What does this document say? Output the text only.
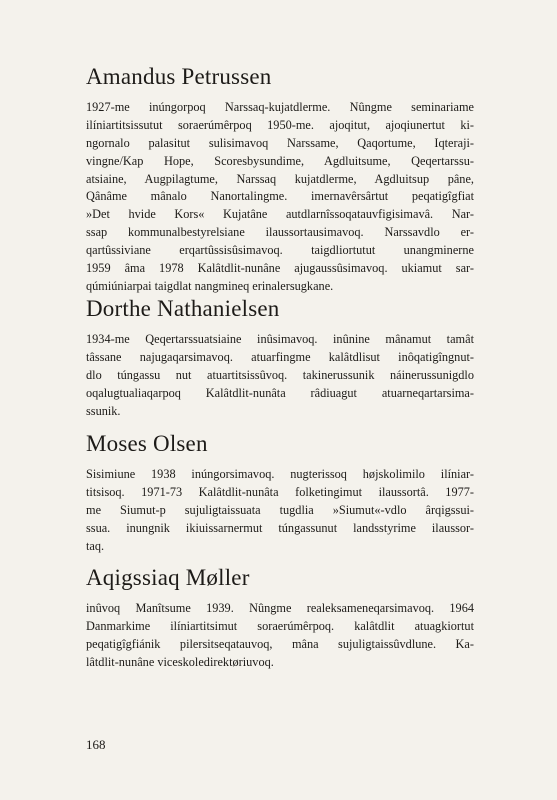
Amandus Petrussen
1927-me inúngorpoq Narssaq-kujatdlerme. Nûngme seminariame
ilíniartitsissutut soraerúmêrpoq 1950-me. ajoqitut, ajoqiunertut ki-
ngornalo palasitut sulisimavoq Narssame, Qaqortume, Iqteraji-
vingne/Kap Hope, Scoresbysundime, Agdluitsume, Qeqertarssu-
atsiaine, Augpilagtume, Narssaq kujatdlerme, Agdluitsup pâne,
Qânâme mânalo Nanortalingme. imernavêrsârtut peqatigîgfiat
»Det hvide Kors« Kujatâne autdlarnîssoqatauvfigisimavâ. Nar-
ssap kommunalbestyrelsiane ilaussortausimavoq. Narssavdlo er-
qartûssiviane erqartûssisûsimavoq. taigdliortutut unangminerne
1959 âma 1978 Kalâtdlit-nunâne ajugaussûsimavoq. ukiamut sar-
qúmiúniarpai taigdlat nangmineq erinalersugkane.
Dorthe Nathanielsen
1934-me Qeqertarssuatsiaine inûsimavoq. inûnine mânamut tamât
tâssane najugaqarsimavoq. atuarfingme kalâtdlisut inôqatigîngnut-
dlo túngassu nut atuartitsissûvoq. takinerussunik náinerussunigdlo
oqalugtualiaqarpoq Kalâtdlit-nunâta râdiuagut atuarneqartarsima-
ssunik.
Moses Olsen
Sisimiune 1938 inúngorsimavoq. nugterissoq højskolimilo ilíniar-
titsisoq. 1971-73 Kalâtdlit-nunâta folketingimut ilaussortâ. 1977-
me Siumut-p sujuligtaissuata tugdlia »Siumut«-vdlo ârqigssui-
ssua. inungnik ikiuissarnermut túngassunut landsstyrime ilaussor-
taq.
Aqigssiaq Møller
inûvoq Manîtsume 1939. Nûngme realeksameneqarsimavoq. 1964
Danmarkime ilíniartitsimut soraerúmêrpoq. kalâtdlit atuagkiortut
peqatigîgfiánik pilersitseqatauvoq, mâna sujuligtaissûvdlune. Ka-
lâtdlit-nunâne viceskoledirektøriuvoq.
168
